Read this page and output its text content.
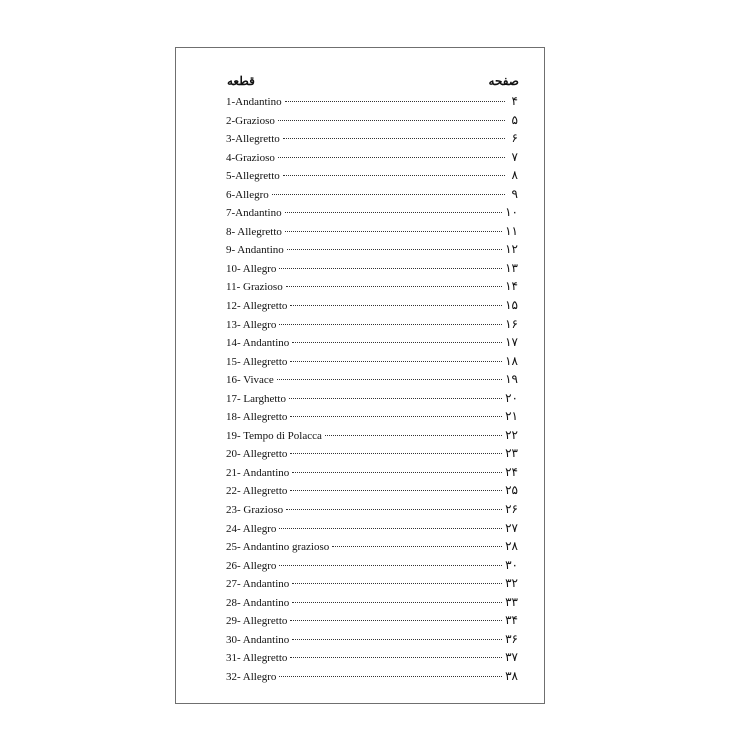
قطعه	صفحه
1-Andantino	۴
2-Grazioso	۵
3-Allegretto	۶
4-Grazioso	۷
5-Allegretto	۸
6-Allegro	۹
7-Andantino	۱۰
8- Allegretto	۱۱
9- Andantino	۱۲
10- Allegro	۱۳
11- Grazioso	۱۴
12- Allegretto	۱۵
13- Allegro	۱۶
14- Andantino	۱۷
15- Allegretto	۱۸
16- Vivace	۱۹
17- Larghetto	۲۰
18- Allegretto	۲۱
19- Tempo di Polacca	۲۲
20- Allegretto	۲۳
21- Andantino	۲۴
22- Allegretto	۲۵
23- Grazioso	۲۶
24- Allegro	۲۷
25- Andantino grazioso	۲۸
26- Allegro	۳۰
27- Andantino	۳۲
28- Andantino	۳۳
29- Allegretto	۳۴
30- Andantino	۳۶
31- Allegretto	۳۷
32- Allegro	۳۸
